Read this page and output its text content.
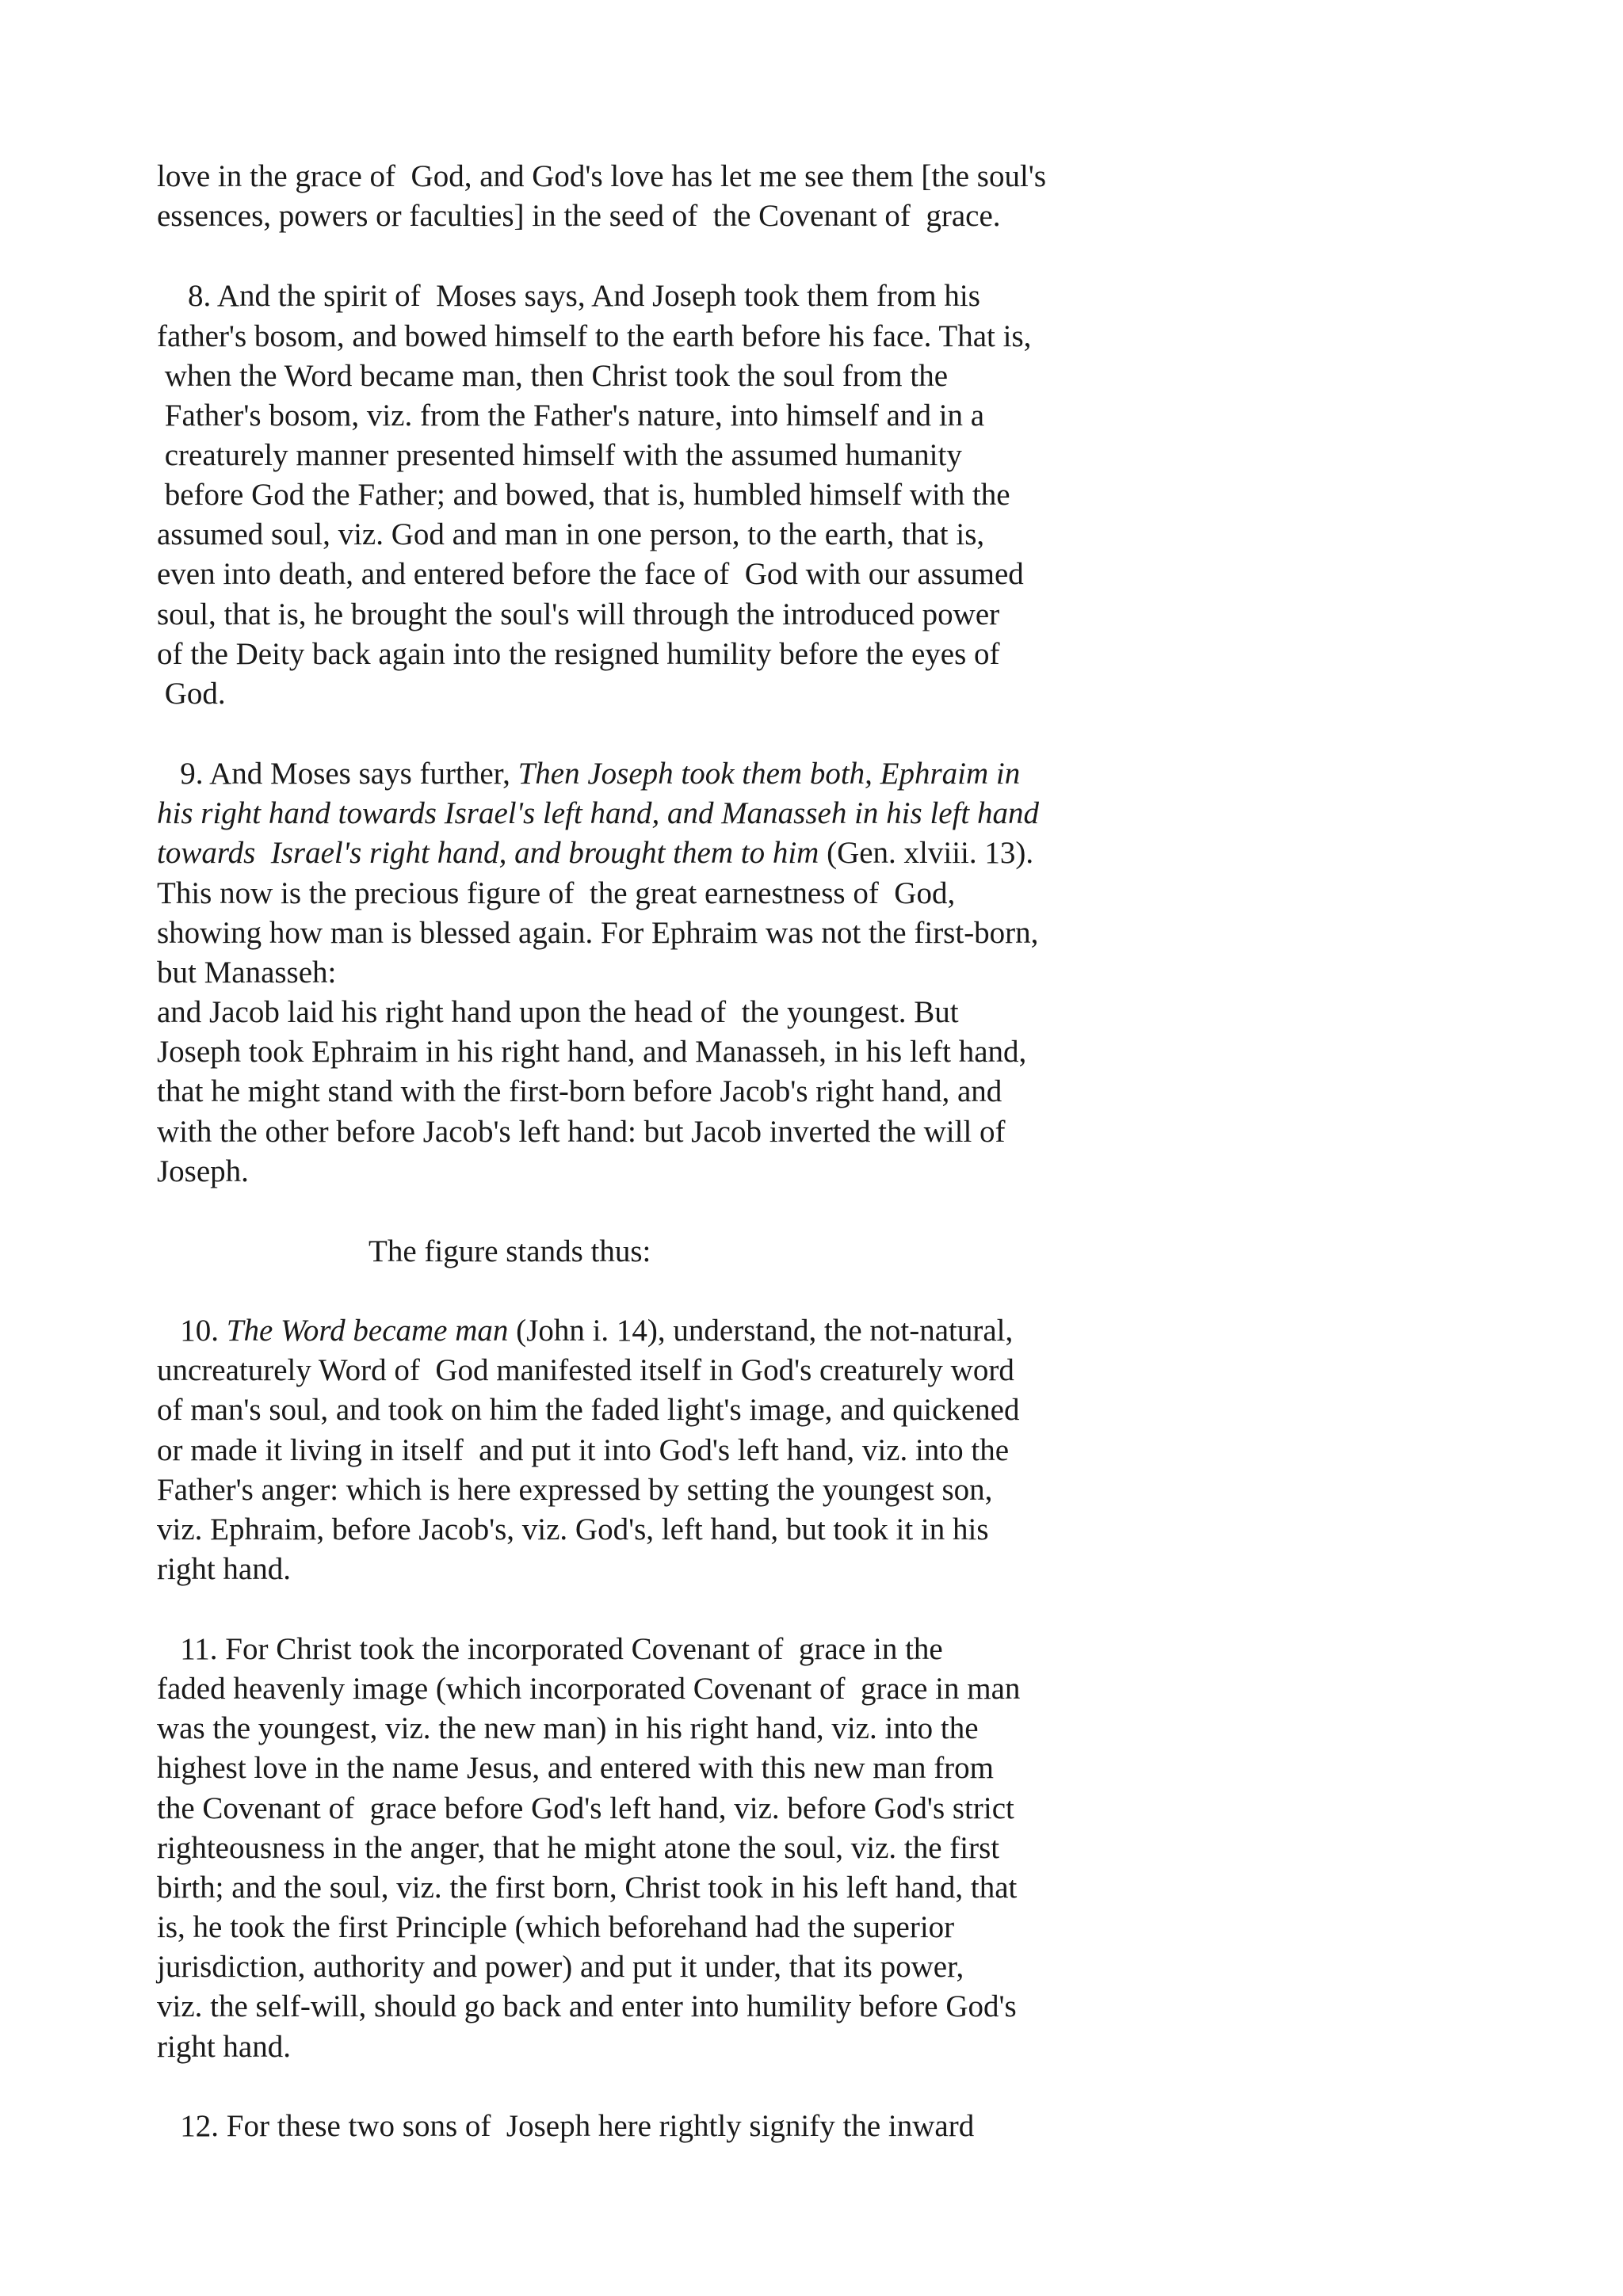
love in the grace of  God, and God's love has let me see them [the soul's
essences, powers or faculties] in the seed of  the Covenant of  grace.
8. And the spirit of  Moses says, And Joseph took them from his
father's bosom, and bowed himself to the earth before his face. That is,
when the Word became man, then Christ took the soul from the
Father's bosom, viz. from the Father's nature, into himself and in a
creaturely manner presented himself with the assumed humanity
before God the Father; and bowed, that is, humbled himself with the
assumed soul, viz. God and man in one person, to the earth, that is,
even into death, and entered before the face of  God with our assumed
soul, that is, he brought the soul's will through the introduced power
of the Deity back again into the resigned humility before the eyes of
God.
9. And Moses says further, Then Joseph took them both, Ephraim in
his right hand towards Israel's left hand, and Manasseh in his left hand
towards  Israel's right hand, and brought them to him (Gen. xlviii. 13).
This now is the precious figure of  the great earnestness of  God,
showing how man is blessed again. For Ephraim was not the first-born,
but Manasseh:
and Jacob laid his right hand upon the head of  the youngest. But
Joseph took Ephraim in his right hand, and Manasseh, in his left hand,
that he might stand with the first-born before Jacob's right hand, and
with the other before Jacob's left hand: but Jacob inverted the will of
Joseph.
The figure stands thus:
10. The Word became man (John i. 14), understand, the not-natural,
uncreaturely Word of  God manifested itself in God's creaturely word
of man's soul, and took on him the faded light's image, and quickened
or made it living in itself  and put it into God's left hand, viz. into the
Father's anger: which is here expressed by setting the youngest son,
viz. Ephraim, before Jacob's, viz. God's, left hand, but took it in his
right hand.
11. For Christ took the incorporated Covenant of  grace in the
faded heavenly image (which incorporated Covenant of  grace in man
was the youngest, viz. the new man) in his right hand, viz. into the
highest love in the name Jesus, and entered with this new man from
the Covenant of  grace before God's left hand, viz. before God's strict
righteousness in the anger, that he might atone the soul, viz. the first
birth; and the soul, viz. the first born, Christ took in his left hand, that
is, he took the first Principle (which beforehand had the superior
jurisdiction, authority and power) and put it under, that its power,
viz. the self-will, should go back and enter into humility before God's
right hand.
12. For these two sons of  Joseph here rightly signify the inward
